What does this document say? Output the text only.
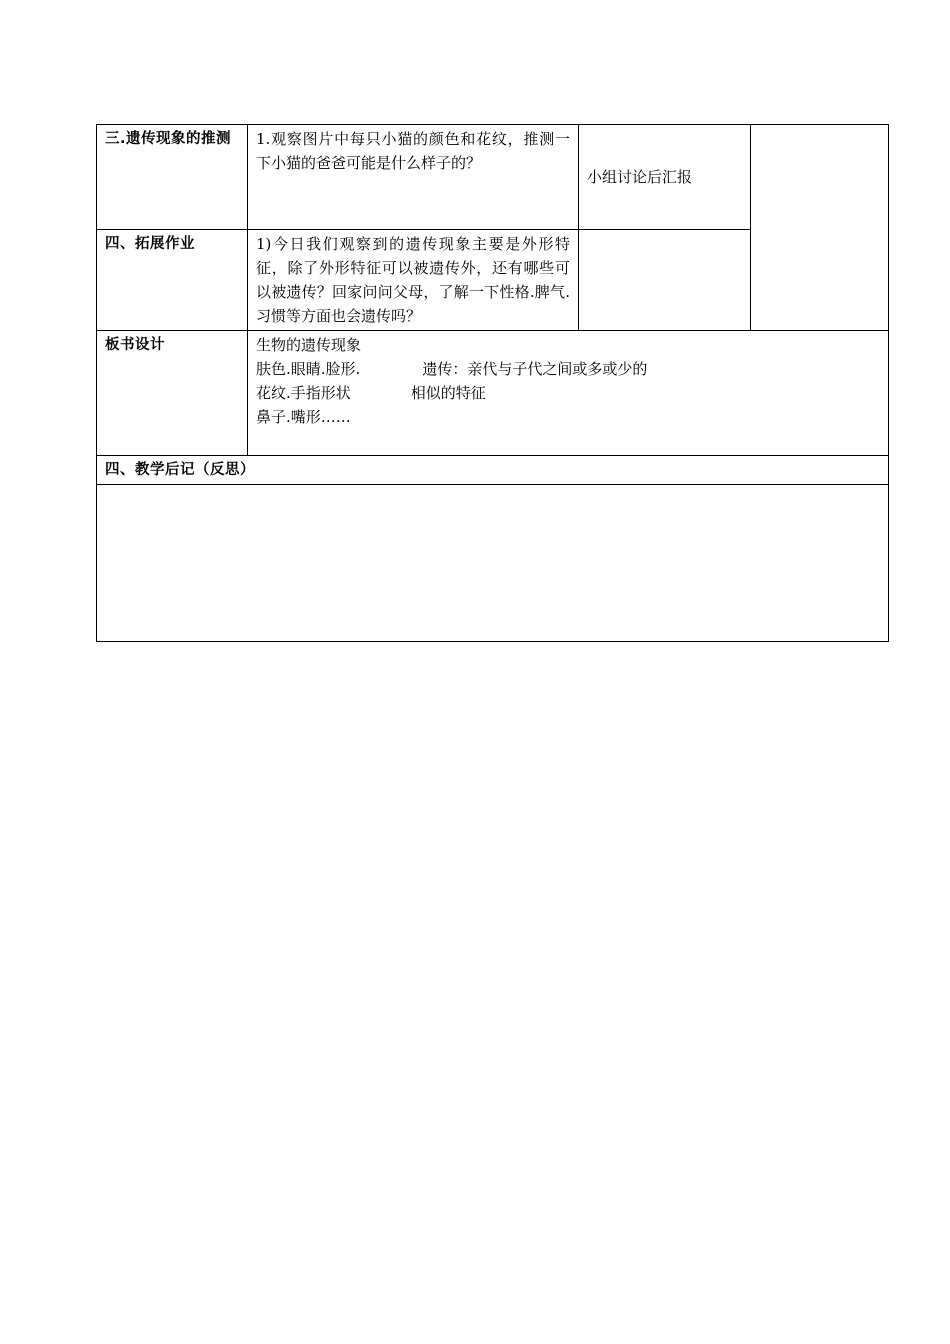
三.遗传现象的推测	1.观察图片中每只小猫的颜色和花纹，推测一下小猫的爸爸可能是什么样子的？	小组讨论后汇报	
四、拓展作业	1)今日我们观察到的遗传现象主要是外形特征，除了外形特征可以被遗传外，还有哪些可以被遗传？回家问问父母，了解一下性格.脾气.习惯等方面也会遗传吗？		

板书设计	生物的遗传现象
肤色.眼睛.脸形. 遗传：亲代与子代之间或多或少的
花纹.手指形状 相似的特征
鼻子.嘴形……		

四、教学后记（反思）			
